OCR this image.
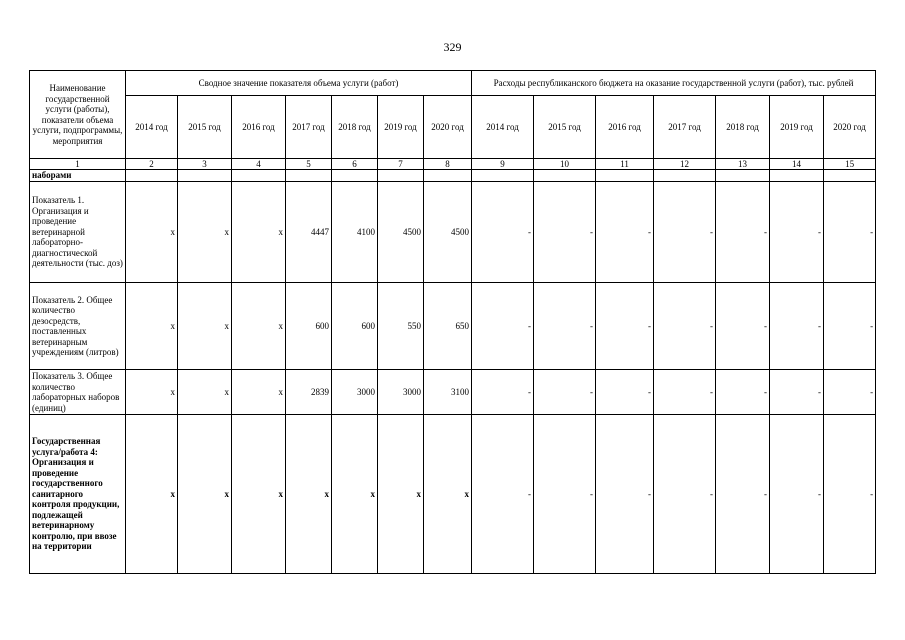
329
Наименование государственной услуги (работы), показатели объема услуги, подпрограммы, мероприятия	Сводное значение показателя объема услуги (работ)							Расходы республиканского бюджета на оказание государственной услуги (работ), тыс. рублей						
	2014 год	2015 год	2016 год	2017 год	2018 год	2019 год	2020 год	2014 год	2015 год	2016 год	2017 год	2018 год	2019 год	2020 год
1	2	3	4	5	6	7	8	9	10	11	12	13	14	15
наборами														
Показатель 1. Организация и проведение ветеринарной лабораторно-диагностической деятельности (тыс. доз)	x	x	x	4447	4100	4500	4500	-	-	-	-	-	-	-
Показатель 2. Общее количество дезосредств, поставленных ветеринарным учреждениям (литров)	x	x	x	600	600	550	650	-	-	-	-	-	-	-
Показатель 3. Общее количество лабораторных наборов (единиц)	x	x	x	2839	3000	3000	3100	-	-	-	-	-	-	-
Государственная услуга/работа 4: Организация и проведение государственного санитарного контроля продукции, подлежащей ветеринарному контролю, при ввозе на территории	x	x	x	x	x	x	x	-	-	-	-	-	-	-
